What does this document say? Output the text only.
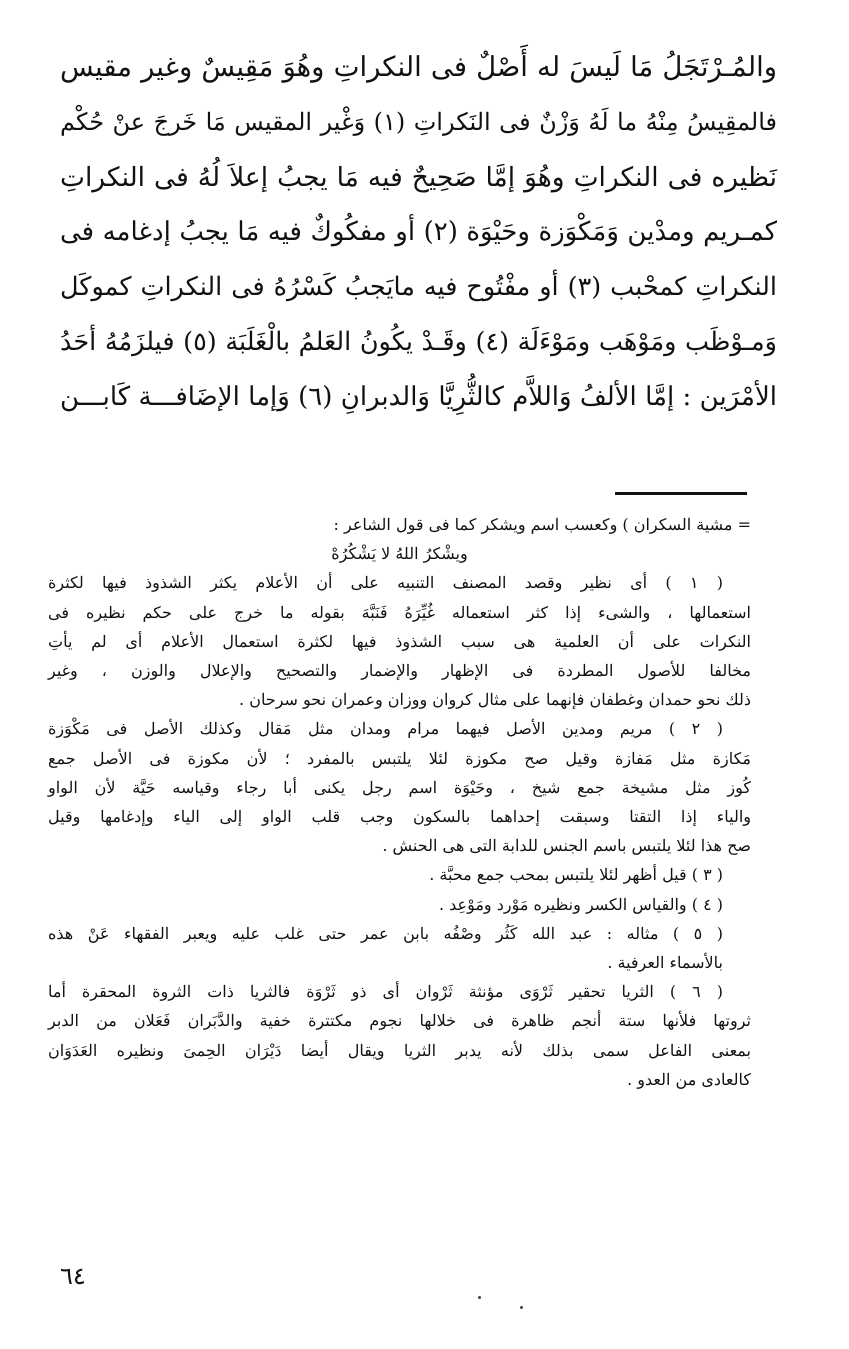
والمُـرْتَجَلُ مَا لَيسَ له أَصْلٌ فى النكراتِ وهُوَ مَقِيسٌ وغير مقيس
فالمقِيسُ مِنْهُ ما لَهُ وَزْنٌ فى النَكراتِ (١) وَغْير المقيس مَا خَرجَ عنْ حُكْم
نَظيره فى النكراتِ وهُوَ إمَّا صَحِيحٌ فيه مَا يجبُ إعلاَ لُهُ فى النكراتِ
كمـريم ومدْين وَمَكْوَزة وحَيْوَة (٢) أو مفكُوكٌ فيه مَا يجبُ إدغامه فى
النكراتِ كمحْبب (٣) أو مفْتُوح فيه مايَجبُ كَسْرُهُ فى النكراتِ كموكَل
وَمـوْظَب ومَوْهَب ومَوْءَلَة (٤) وقَـدْ يكُونُ العَلمُ بالْغَلَبَة (٥) فيلزَمُهُ أحَدُ
الأمْرَين : إمَّا الألفُ وَاللاَّم كالثُّرِيَّا وَالدبرانِ (٦) وَإما الإضَافـــة كَابـــن
= مشية السكران ) وكعسب اسم ويشكر كما فى قول الشاعر :
ويشْكرُ اللهُ لا يَشْكُرُهْ
( ١ ) أى نظير وقصد المصنف التنبيه على أن الأعلام يكثر الشذوذ فيها لكثرة
استعمالها ، والشىء إذا كثر استعماله غُيِّرَهُ فَنَبَّهَ بقوله ما خرج على حكم نظيره فى
النكرات على أن العلمية هى سبب الشذوذ فيها لكثرة استعمال الأعلام أى لم يأتِ
مخالفا للأصول المطردة فى الإظهار والإضمار والتصحيح والإعلال والوزن ، وغير
ذلك نحو حمدان وغطفان فإنهما على مثال كروان ووزان وعمران نحو سرحان .
( ٢ ) مريم ومدين الأصل فيهما مرام ومدان مثل مَقال وكذلك الأصل فى مَكْوَزة
مَكازة مثل مَفازة وقيل صح مكوزة لئلا يلتبس بالمفرد ؛ لأن مكوزة فى الأصل جمع
كُوز مثل مشيخة جمع شيخ ، وحَيْوَة اسم رجل يكنى أبا رجاء وقياسه حَيَّة لأن الواو
والياء إذا التقتا وسبقت إحداهما بالسكون وجب قلب الواو إلى الياء وإدغامها وقيل
صح هذا لئلا يلتبس باسم الجنس للدابة التى هى الحنش .
( ٣ ) قيل أظهر لئلا يلتبس بمحب جمع محبَّة .
( ٤ ) والقياس الكسر ونظيره مَوْرد ومَوْعِد .
( ٥ ) مثاله : عبد الله كَثُر وصْفُه بابن عمر حتى غلب عليه ويعبر الفقهاء عَنْ هذه
بالأسماء العرفية .
( ٦ ) الثريا تحقير ثَرْوَى مؤنثة ثَرْوان أى ذو ثَرْوَة فالثريا ذات الثروة المحقرة أما
ثروتها فلأنها ستة أنجم ظاهرة فى خلالها نجوم مكتترة خفية والدَّبَران فَعَلان من الدبر
بمعنى الفاعل سمى بذلك لأنه يدبر الثريا ويقال أيضا دَيْرَان الحِمىَ ونظيره العَدَوَان
كالعادى من العدو .
٦٤
